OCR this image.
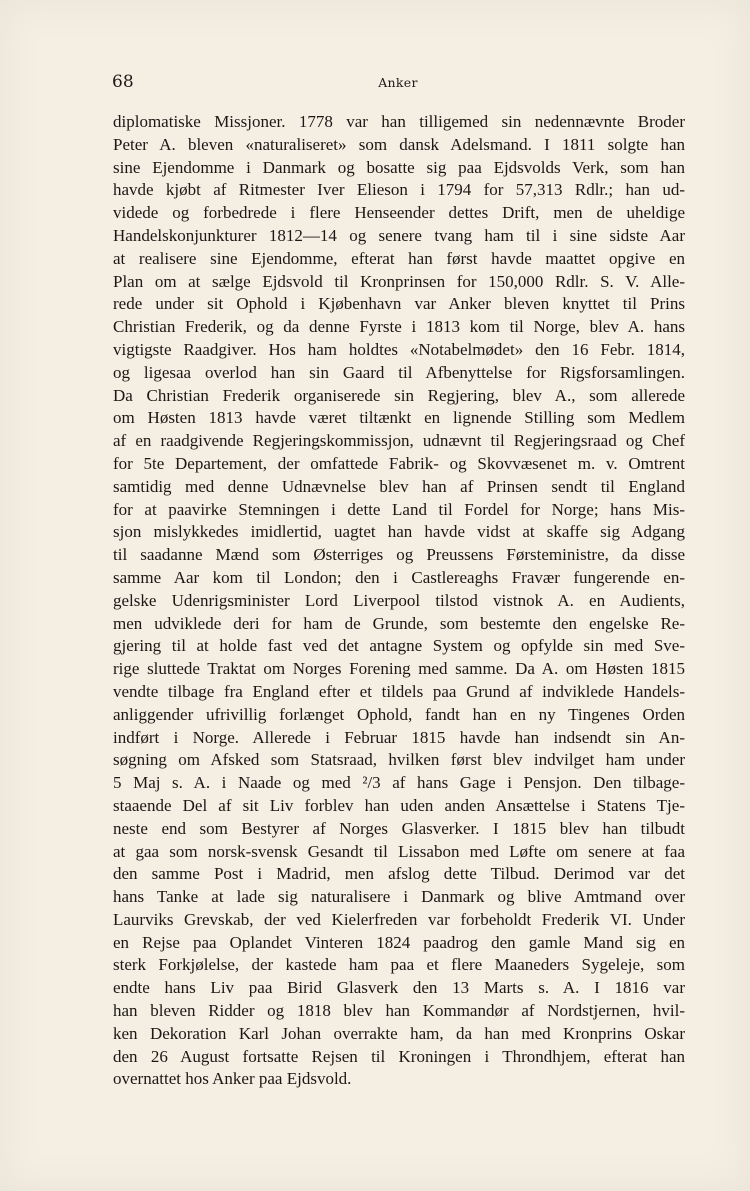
68	Anker
diplomatiske Missjoner. 1778 var han tilligemed sin nedennævnte Broder
Peter A. bleven «naturaliseret» som dansk Adelsmand. I 1811 solgte han
sine Ejendomme i Danmark og bosatte sig paa Ejdsvolds Verk, som han
havde kjøbt af Ritmester Iver Elieson i 1794 for 57,313 Rdlr.; han ud-
videde og forbedrede i flere Henseender dettes Drift, men de uheldige
Handelskonjunkturer 1812—14 og senere tvang ham til i sine sidste Aar
at realisere sine Ejendomme, efterat han først havde maattet opgive en
Plan om at sælge Ejdsvold til Kronprinsen for 150,000 Rdlr. S. V. Alle-
rede under sit Ophold i Kjøbenhavn var Anker bleven knyttet til Prins
Christian Frederik, og da denne Fyrste i 1813 kom til Norge, blev A. hans
vigtigste Raadgiver. Hos ham holdtes «Notabelmødet» den 16 Febr. 1814,
og ligesaa overlod han sin Gaard til Afbenyttelse for Rigsforsamlingen.
Da Christian Frederik organiserede sin Regjering, blev A., som allerede
om Høsten 1813 havde været tiltænkt en lignende Stilling som Medlem
af en raadgivende Regjeringskommissjon, udnævnt til Regjeringsraad og Chef
for 5te Departement, der omfattede Fabrik- og Skovvæsenet m. v. Omtrent
samtidig med denne Udnævnelse blev han af Prinsen sendt til England
for at paavirke Stemningen i dette Land til Fordel for Norge; hans Mis-
sjon mislykkedes imidlertid, uagtet han havde vidst at skaffe sig Adgang
til saadanne Mænd som Østerriges og Preussens Førsteministre, da disse
samme Aar kom til London; den i Castlereaghs Fravær fungerende en-
gelske Udenrigsminister Lord Liverpool tilstod vistnok A. en Audients,
men udviklede deri for ham de Grunde, som bestemte den engelske Re-
gjering til at holde fast ved det antagne System og opfylde sin med Sve-
rige sluttede Traktat om Norges Forening med samme. Da A. om Høsten 1815
vendte tilbage fra England efter et tildels paa Grund af indviklede Handels-
anliggender ufrivillig forlænget Ophold, fandt han en ny Tingenes Orden
indført i Norge. Allerede i Februar 1815 havde han indsendt sin An-
søgning om Afsked som Statsraad, hvilken først blev indvilget ham under
5 Maj s. A. i Naade og med ²/3 af hans Gage i Pensjon. Den tilbage-
staaende Del af sit Liv forblev han uden anden Ansættelse i Statens Tje-
neste end som Bestyrer af Norges Glasverker. I 1815 blev han tilbudt
at gaa som norsk-svensk Gesandt til Lissabon med Løfte om senere at faa
den samme Post i Madrid, men afslog dette Tilbud. Derimod var det
hans Tanke at lade sig naturalisere i Danmark og blive Amtmand over
Laurviks Grevskab, der ved Kielerfreden var forbeholdt Frederik VI. Under
en Rejse paa Oplandet Vinteren 1824 paadrog den gamle Mand sig en
sterk Forkjølelse, der kastede ham paa et flere Maaneders Sygeleje, som
endte hans Liv paa Birid Glasverk den 13 Marts s. A. I 1816 var
han bleven Ridder og 1818 blev han Kommandør af Nordstjernen, hvil-
ken Dekoration Karl Johan overrakte ham, da han med Kronprins Oskar
den 26 August fortsatte Rejsen til Kroningen i Throndhjem, efterat han
overnattet hos Anker paa Ejdsvold.
